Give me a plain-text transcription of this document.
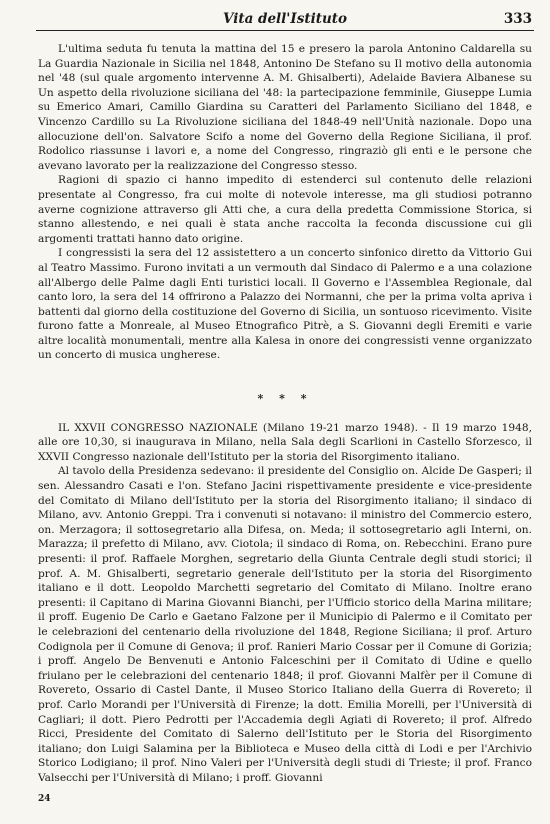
Vita dell'Istituto	333

L'ultima seduta fu tenuta la mattina del 15 e presero la parola Antonino Caldarella su La Guardia Nazionale in Sicilia nel 1848, Antonino De Stefano su Il motivo della autonomia nel '48 (sul quale argomento intervenne A. M. Ghisalberti), Adelaide Baviera Albanese su Un aspetto della rivoluzione siciliana del '48: la partecipazione femminile, Giuseppe Lumia su Emerico Amari, Camillo Giardina su Caratteri del Parlamento Siciliano del 1848, e Vincenzo Cardillo su La Rivoluzione siciliana del 1848-49 nell'Unità nazionale. Dopo una allocuzione dell'on. Salvatore Scifo a nome del Governo della Regione Siciliana, il prof. Rodolico riassunse i lavori e, a nome del Congresso, ringraziò gli enti e le persone che avevano lavorato per la realizzazione del Congresso stesso.

Ragioni di spazio ci hanno impedito di estenderci sul contenuto delle relazioni presentate al Congresso, fra cui molte di notevole interesse, ma gli studiosi potranno averne cognizione attraverso gli Atti che, a cura della predetta Commissione Storica, si stanno allestendo, e nei quali è stata anche raccolta la feconda discussione cui gli argomenti trattati hanno dato origine.

I congressisti la sera del 12 assistettero a un concerto sinfonico diretto da Vittorio Gui al Teatro Massimo. Furono invitati a un vermouth dal Sindaco di Palermo e a una colazione all'Albergo delle Palme dagli Enti turistici locali. Il Governo e l'Assemblea Regionale, dal canto loro, la sera del 14 offrirono a Palazzo dei Normanni, che per la prima volta apriva i battenti dal giorno della costituzione del Governo di Sicilia, un sontuoso ricevimento. Visite furono fatte a Monreale, al Museo Etnografico Pitrè, a S. Giovanni degli Eremiti e varie altre località monumentali, mentre alla Kalesa in onore dei congressisti venne organizzato un concerto di musica ungherese.

* * *

IL XXVII CONGRESSO NAZIONALE (Milano 19-21 marzo 1948). - Il 19 marzo 1948, alle ore 10,30, si inaugurava in Milano, nella Sala degli Scarlioni in Castello Sforzesco, il XXVII Congresso nazionale dell'Istituto per la storia del Risorgimento italiano.

Al tavolo della Presidenza sedevano: il presidente del Consiglio on. Alcide De Gasperi; il sen. Alessandro Casati e l'on. Stefano Jacini rispettivamente presidente e vice-presidente del Comitato di Milano dell'Istituto per la storia del Risorgimento italiano; il sindaco di Milano, avv. Antonio Greppi. Tra i convenuti si notavano: il ministro del Commercio estero, on. Merzagora; il sottosegretario alla Difesa, on. Meda; il sottosegretario agli Interni, on. Marazza; il prefetto di Milano, avv. Ciotola; il sindaco di Roma, on. Rebecchini. Erano pure presenti: il prof. Raffaele Morghen, segretario della Giunta Centrale degli studi storici; il prof. A. M. Ghisalberti, segretario generale dell'Istituto per la storia del Risorgimento italiano e il dott. Leopoldo Marchetti segretario del Comitato di Milano. Inoltre erano presenti: il Capitano di Marina Giovanni Bianchi, per l'Ufficio storico della Marina militare; il proff. Eugenio De Carlo e Gaetano Falzone per il Municipio di Palermo e il Comitato per le celebrazioni del centenario della rivoluzione del 1848, Regione Siciliana; il prof. Arturo Codignola per il Comune di Genova; il prof. Ranieri Mario Cossar per il Comune di Gorizia; i proff. Angelo De Benvenuti e Antonio Falceschini per il Comitato di Udine e quello friulano per le celebrazioni del centenario 1848; il prof. Giovanni Malfèr per il Comune di Rovereto, Ossario di Castel Dante, il Museo Storico Italiano della Guerra di Rovereto; il prof. Carlo Morandi per l'Università di Firenze; la dott. Emilia Morelli, per l'Università di Cagliari; il dott. Piero Pedrotti per l'Accademia degli Agiati di Rovereto; il prof. Alfredo Ricci, Presidente del Comitato di Salerno dell'Istituto per le Storia del Risorgimento italiano; don Luigi Salamina per la Biblioteca e Museo della città di Lodi e per l'Archivio Storico Lodigiano; il prof. Nino Valeri per l'Università degli studi di Trieste; il prof. Franco Valsecchi per l'Università di Milano; i proff. Giovanni

24
